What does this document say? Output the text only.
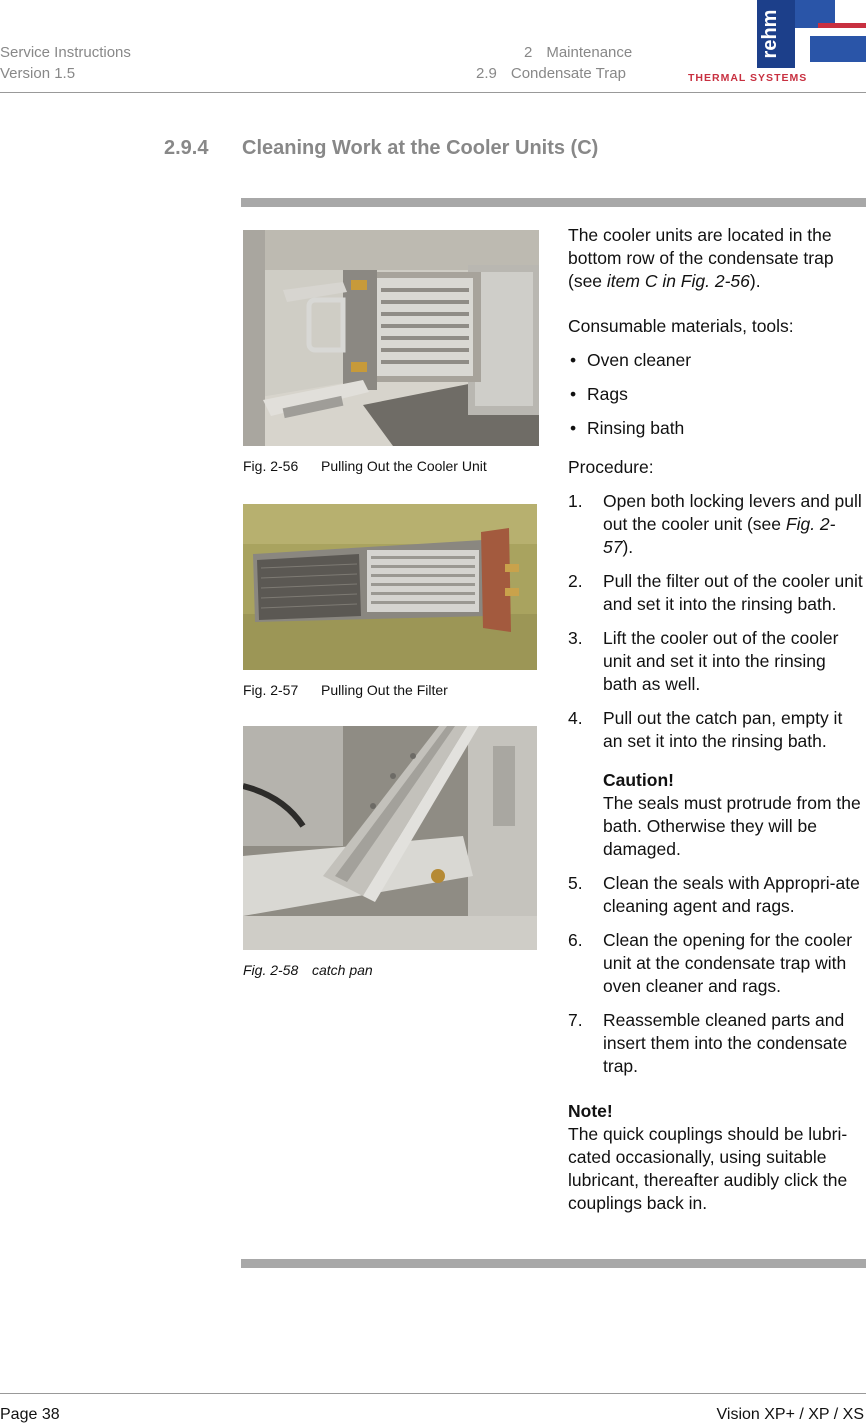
Service Instructions
Version 1.5
2 Maintenance
2.9 Condensate Trap
rehm
THERMAL SYSTEMS
2.9.4 Cleaning Work at the Cooler Units (C)
Fig. 2-56 Pulling Out the Cooler Unit
Fig. 2-57 Pulling Out the Filter
Fig. 2-58 catch pan

The cooler units are located in the bottom row of the condensate trap (see item C in Fig. 2-56).

Consumable materials, tools:

• Oven cleaner
• Rags
• Rinsing bath

Procedure:

1. Open both locking levers and pull out the cooler unit (see Fig. 2-57).
2. Pull the filter out of the cooler unit and set it into the rinsing bath.
3. Lift the cooler out of the cooler unit and set it into the rinsing bath as well.
4. Pull out the catch pan, empty it an set it into the rinsing bath.

Caution!

The seals must protrude from the bath. Otherwise they will be damaged.

5. Clean the seals with Appropri-ate cleaning agent and rags.
6. Clean the opening for the cooler unit at the condensate trap with oven cleaner and rags.
7. Reassemble cleaned parts and insert them into the condensate trap.

Note!

The quick couplings should be lubri-cated occasionally, using suitable lubricant, thereafter audibly click the couplings back in.

Page 38	Vision XP+ / XP / XS
